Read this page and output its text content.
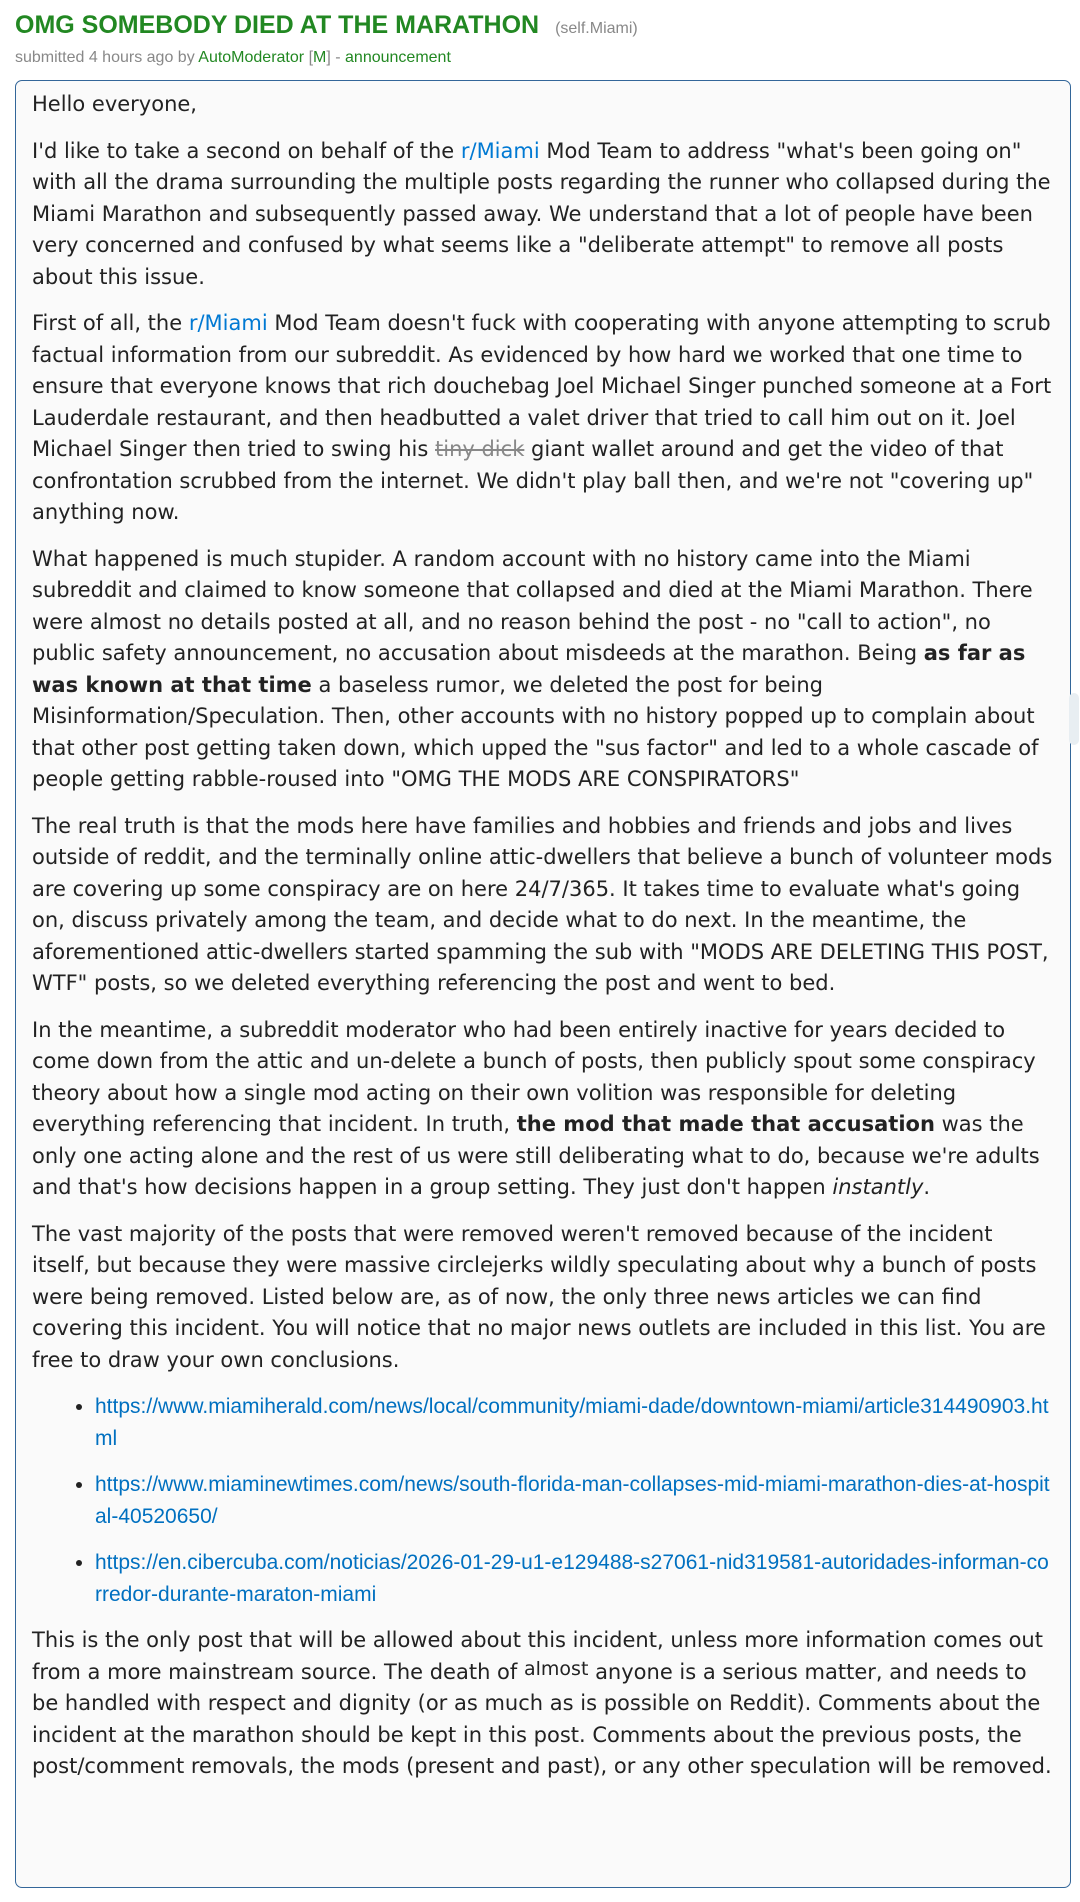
OMG SOMEBODY DIED AT THE MARATHON (self.Miami)
submitted 4 hours ago by AutoModerator [M] - announcement

Hello everyone,

I'd like to take a second on behalf of the r/Miami Mod Team to address "what's been going on" with all the drama surrounding the multiple posts regarding the runner who collapsed during the Miami Marathon and subsequently passed away. We understand that a lot of people have been very concerned and confused by what seems like a "deliberate attempt" to remove all posts about this issue.

First of all, the r/Miami Mod Team doesn't fuck with cooperating with anyone attempting to scrub factual information from our subreddit. As evidenced by how hard we worked that one time to ensure that everyone knows that rich douchebag Joel Michael Singer punched someone at a Fort Lauderdale restaurant, and then headbutted a valet driver that tried to call him out on it. Joel Michael Singer then tried to swing his tiny dick giant wallet around and get the video of that confrontation scrubbed from the internet. We didn't play ball then, and we're not "covering up" anything now.

What happened is much stupider. A random account with no history came into the Miami subreddit and claimed to know someone that collapsed and died at the Miami Marathon. There were almost no details posted at all, and no reason behind the post - no "call to action", no public safety announcement, no accusation about misdeeds at the marathon. Being as far as was known at that time a baseless rumor, we deleted the post for being Misinformation/Speculation. Then, other accounts with no history popped up to complain about that other post getting taken down, which upped the "sus factor" and led to a whole cascade of people getting rabble-roused into "OMG THE MODS ARE CONSPIRATORS"

The real truth is that the mods here have families and hobbies and friends and jobs and lives outside of reddit, and the terminally online attic-dwellers that believe a bunch of volunteer mods are covering up some conspiracy are on here 24/7/365. It takes time to evaluate what's going on, discuss privately among the team, and decide what to do next. In the meantime, the aforementioned attic-dwellers started spamming the sub with "MODS ARE DELETING THIS POST, WTF" posts, so we deleted everything referencing the post and went to bed.

In the meantime, a subreddit moderator who had been entirely inactive for years decided to come down from the attic and un-delete a bunch of posts, then publicly spout some conspiracy theory about how a single mod acting on their own volition was responsible for deleting everything referencing that incident. In truth, the mod that made that accusation was the only one acting alone and the rest of us were still deliberating what to do, because we're adults and that's how decisions happen in a group setting. They just don't happen instantly.

The vast majority of the posts that were removed weren't removed because of the incident itself, but because they were massive circlejerks wildly speculating about why a bunch of posts were being removed. Listed below are, as of now, the only three news articles we can find covering this incident. You will notice that no major news outlets are included in this list. You are free to draw your own conclusions.

• https://www.miamiherald.com/news/local/community/miami-dade/downtown-miami/article314490903.html
• https://www.miaminewtimes.com/news/south-florida-man-collapses-mid-miami-marathon-dies-at-hospital-40520650/
• https://en.cibercuba.com/noticias/2026-01-29-u1-e129488-s27061-nid319581-autoridades-informan-corredor-durante-maraton-miami

This is the only post that will be allowed about this incident, unless more information comes out from a more mainstream source. The death of $^{almost}$ anyone is a serious matter, and needs to be handled with respect and dignity (or as much as is possible on Reddit). Comments about the incident at the marathon should be kept in this post. Comments about the previous posts, the post/comment removals, the mods (present and past), or any other speculation will be removed.
